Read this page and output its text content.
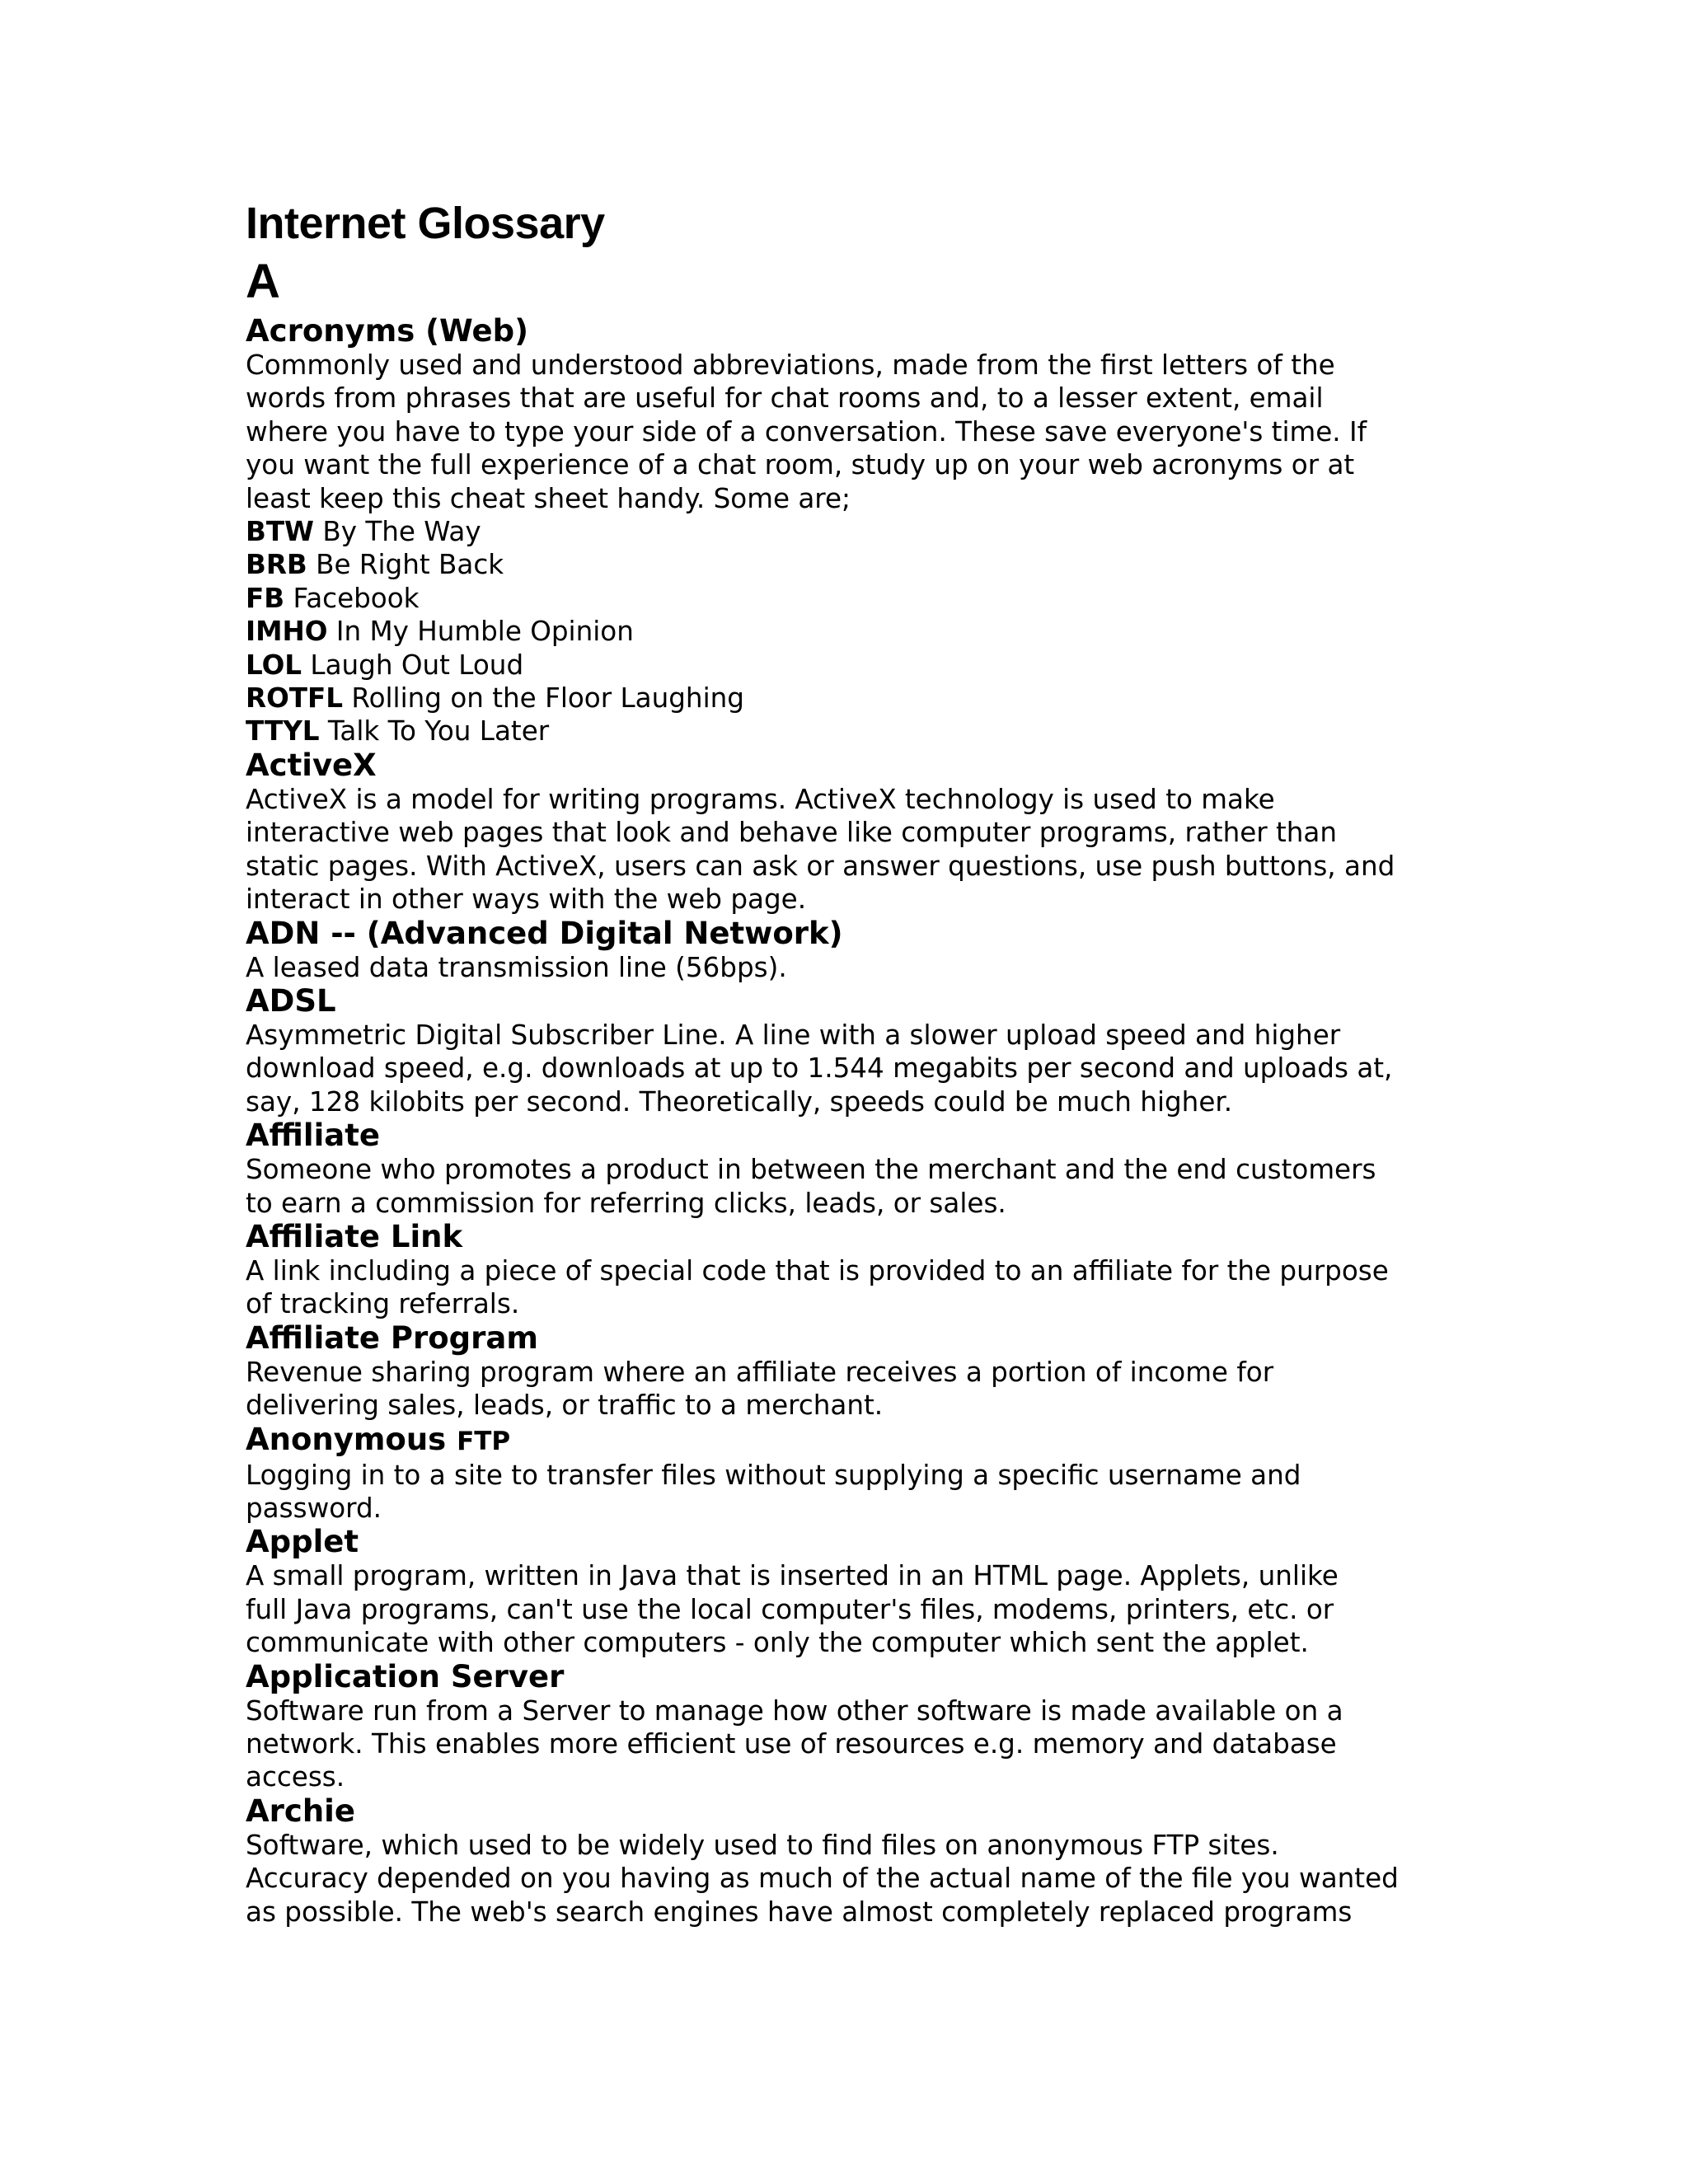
Internet Glossary
A
Acronyms (Web)
Commonly used and understood abbreviations, made from the first letters of the
words from phrases that are useful for chat rooms and, to a lesser extent, email
where you have to type your side of a conversation. These save everyone's time. If
you want the full experience of a chat room, study up on your web acronyms or at
least keep this cheat sheet handy. Some are;
BTW By The Way
BRB Be Right Back
FB Facebook
IMHO In My Humble Opinion
LOL Laugh Out Loud
ROTFL Rolling on the Floor Laughing
TTYL Talk To You Later
ActiveX
ActiveX is a model for writing programs. ActiveX technology is used to make
interactive web pages that look and behave like computer programs, rather than
static pages. With ActiveX, users can ask or answer questions, use push buttons, and
interact in other ways with the web page.
ADN -- (Advanced Digital Network)
A leased data transmission line (56bps).
ADSL
Asymmetric Digital Subscriber Line. A line with a slower upload speed and higher
download speed, e.g. downloads at up to 1.544 megabits per second and uploads at,
say, 128 kilobits per second. Theoretically, speeds could be much higher.
Affiliate
Someone who promotes a product in between the merchant and the end customers
to earn a commission for referring clicks, leads, or sales.
Affiliate Link
A link including a piece of special code that is provided to an affiliate for the purpose
of tracking referrals.
Affiliate Program
Revenue sharing program where an affiliate receives a portion of income for
delivering sales, leads, or traffic to a merchant.
Anonymous FTP
Logging in to a site to transfer files without supplying a specific username and
password.
Applet
A small program, written in Java that is inserted in an HTML page. Applets, unlike
full Java programs, can't use the local computer's files, modems, printers, etc. or
communicate with other computers - only the computer which sent the applet.
Application Server
Software run from a Server to manage how other software is made available on a
network. This enables more efficient use of resources e.g. memory and database
access.
Archie
Software, which used to be widely used to find files on anonymous FTP sites.
Accuracy depended on you having as much of the actual name of the file you wanted
as possible. The web's search engines have almost completely replaced programs
